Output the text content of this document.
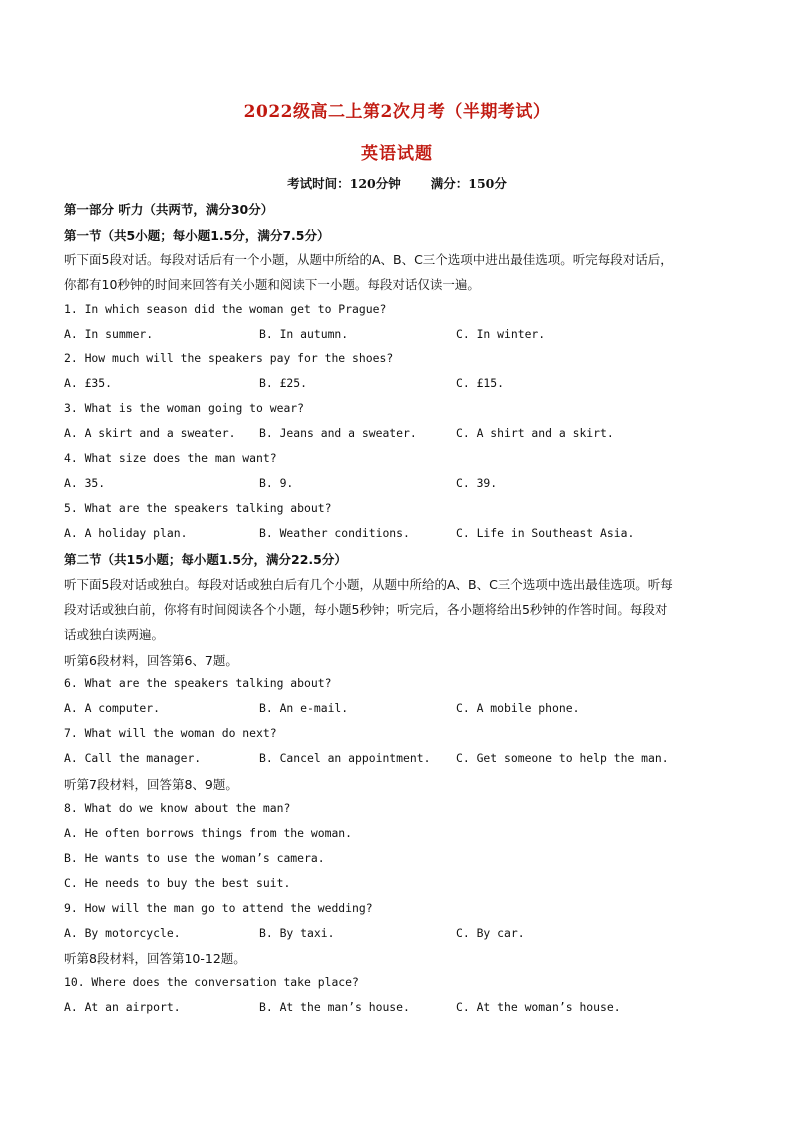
2022级高二上第2次月考（半期考试）
英语试题
考试时间：120分钟 满分：150分
第一部分 听力（共两节，满分30分）
第一节（共5小题；每小题1.5分，满分7.5分）
听下面5段对话。每段对话后有一个小题，从题中所给的A、B、C三个选项中进出最佳选项。听完每段对话后，
你都有10秒钟的时间来回答有关小题和阅读下一小题。每段对话仅读一遍。
1. In which season did the woman get to Prague?
A. In summer.	B. In autumn.	C. In winter.
2. How much will the speakers pay for the shoes?
A. £35.	B. £25.	C. £15.
3. What is the woman going to wear?
A. A skirt and a sweater. B. Jeans and a sweater.	C. A shirt and a skirt.
4. What size does the man want?
A. 35.	B. 9.	C. 39.
5. What are the speakers talking about?
A. A holiday plan.	B. Weather conditions.	C. Life in Southeast Asia.
第二节（共15小题；每小题1.5分，满分22.5分）
听下面5段对话或独白。每段对话或独白后有几个小题，从题中所给的A、B、C三个选项中选出最佳选项。听每
段对话或独白前，你将有时间阅读各个小题，每小题5秒钟；听完后，各小题将给出5秒钟的作答时间。每段对
话或独白读两遍。
听第6段材料，回答第6、7题。
6. What are the speakers talking about?
A. A computer.	B. An e-mail.	C. A mobile phone.
7. What will the woman do next?
A. Call the manager.	B. Cancel an appointment. C. Get someone to help the man.
听第7段材料，回答第8、9题。
8. What do we know about the man?
A. He often borrows things from the woman.
B. He wants to use the woman’s camera.
C. He needs to buy the best suit.
9. How will the man go to attend the wedding?
A. By motorcycle.	B. By taxi.	C. By car.
听第8段材料，回答第10-12题。
10. Where does the conversation take place?
A. At an airport.	B. At the man’s house.	C. At the woman’s house.
